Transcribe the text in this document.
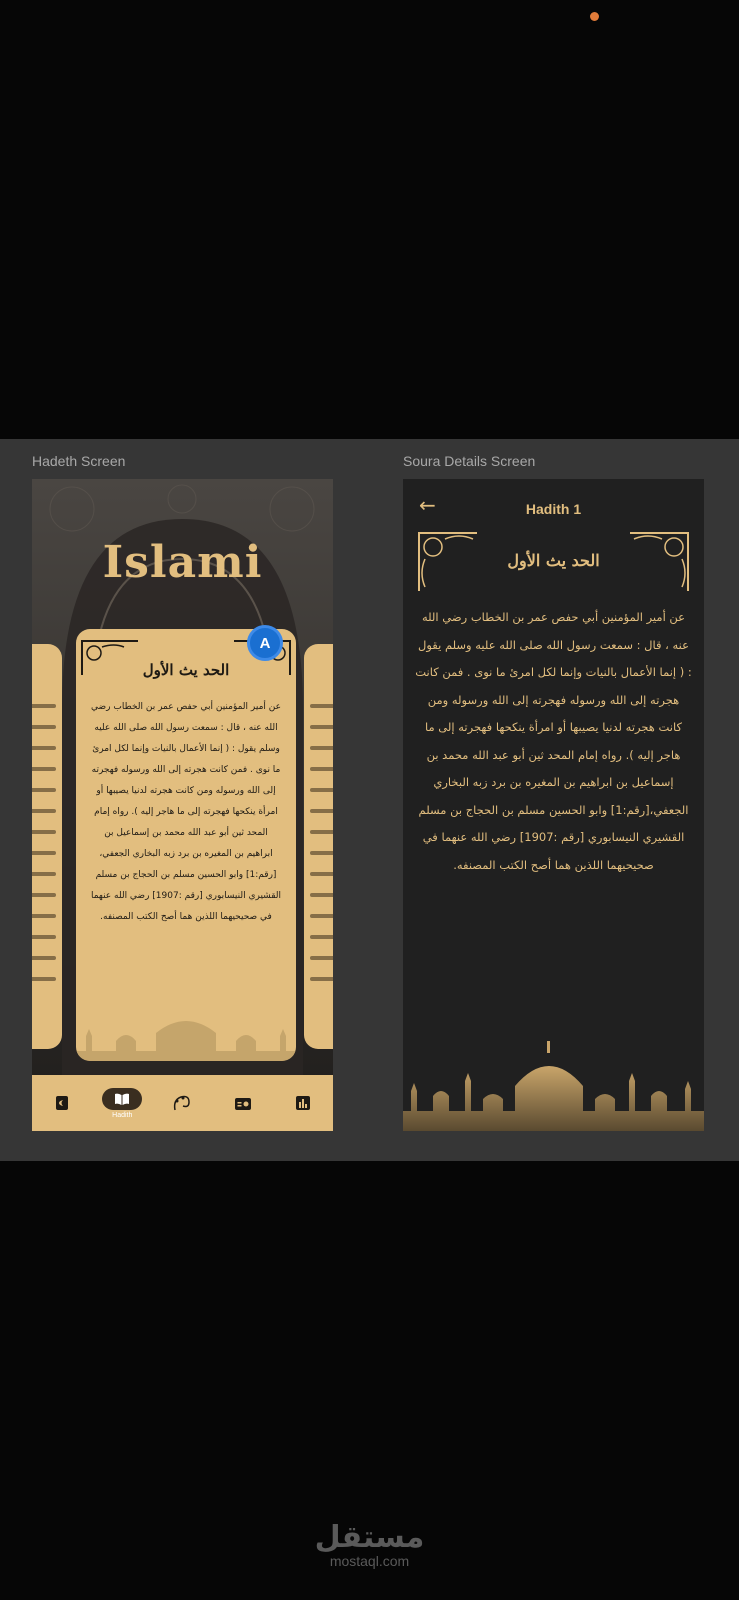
Hadeth Screen	Soura Details Screen
Islami
الحد يث الأول
عن أمير المؤمنين أبي حفص عمر بن الخطاب رضي الله عنه ، قال : سمعت رسول الله صلى الله عليه وسلم يقول : ( إنما الأعمال بالنيات وإنما لكل امرئ ما نوى . فمن كانت هجرته إلى الله ورسوله فهجرته إلى الله ورسوله ومن كانت هجرته لدنيا يصيبها أو امرأة ينكحها فهجرته إلى ما هاجر إليه ). رواه إمام المحد ثين أبو عبد الله محمد بن إسماعيل بن ابراهيم بن المغيره بن برد زبه البخاري الجعفي،[رقم:1] وابو الحسين مسلم بن الحجاج بن مسلم القشيري النيسابوري [رقم :1907] رضي الله عنهما في صحيحيهما اللذين هما أصح الكتب المصنفه.
A
Hadith
←	Hadith 1
الحد يث الأول
عن أمير المؤمنين أبي حفص عمر بن الخطاب رضي الله عنه ، قال : سمعت رسول الله صلى الله عليه وسلم يقول : ( إنما الأعمال بالنيات وإنما لكل امرئ ما نوى . فمن كانت هجرته إلى الله ورسوله فهجرته إلى الله ورسوله ومن كانت هجرته لدنيا يصيبها أو امرأة ينكحها فهجرته إلى ما هاجر إليه ). رواه إمام المحد ثين أبو عبد الله محمد بن إسماعيل بن ابراهيم بن المغيره بن برد زبه البخاري الجعفي،[رقم:1] وابو الحسين مسلم بن الحجاج بن مسلم القشيري النيسابوري [رقم :1907] رضي الله عنهما في صحيحيهما اللذين هما أصح الكتب المصنفه.
مستقل
mostaql.com
